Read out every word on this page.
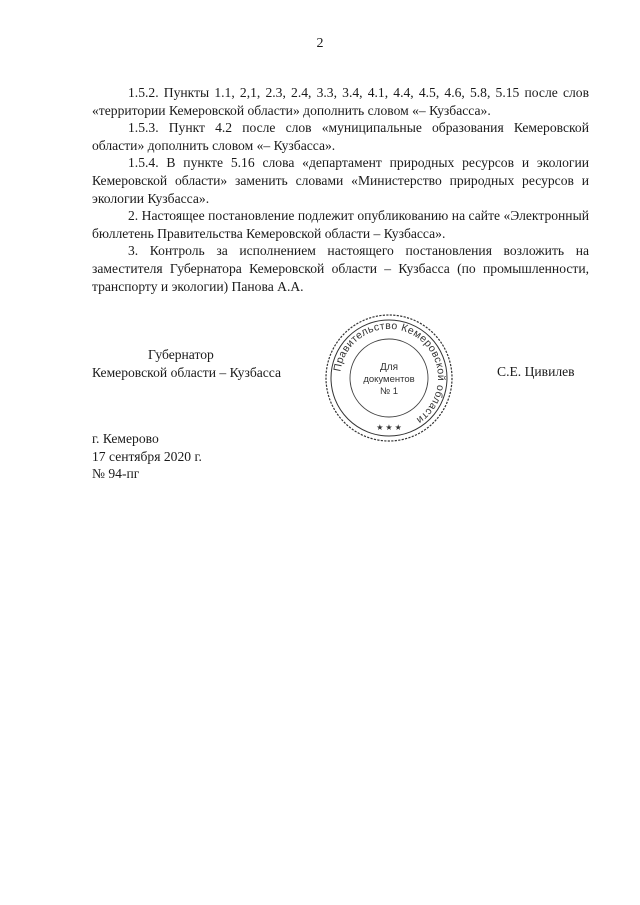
2

1.5.2. Пункты 1.1, 2,1, 2.3, 2.4, 3.3, 3.4, 4.1, 4.4, 4.5, 4.6, 5.8, 5.15 после слов «территории Кемеровской области» дополнить словом «– Кузбасса».

1.5.3. Пункт 4.2 после слов «муниципальные образования Кемеровской области» дополнить словом «– Кузбасса».

1.5.4. В пункте 5.16 слова «департамент природных ресурсов и экологии Кемеровской области» заменить словами «Министерство природных ресурсов и экологии Кузбасса».

2. Настоящее постановление подлежит опубликованию на сайте «Электронный бюллетень Правительства Кемеровской области – Кузбасса».

3. Контроль за исполнением настоящего постановления возложить на заместителя Губернатора Кемеровской области – Кузбасса (по промышленности, транспорту и экологии) Панова А.А.

Губернатор
Кемеровской области – Кузбасса	Правительство Кемеровской области
Для
документов
№ 1
★ ★ ★
С.Е. Цивилев
г. Кемерово
17 сентября 2020 г.
№ 94-пг
